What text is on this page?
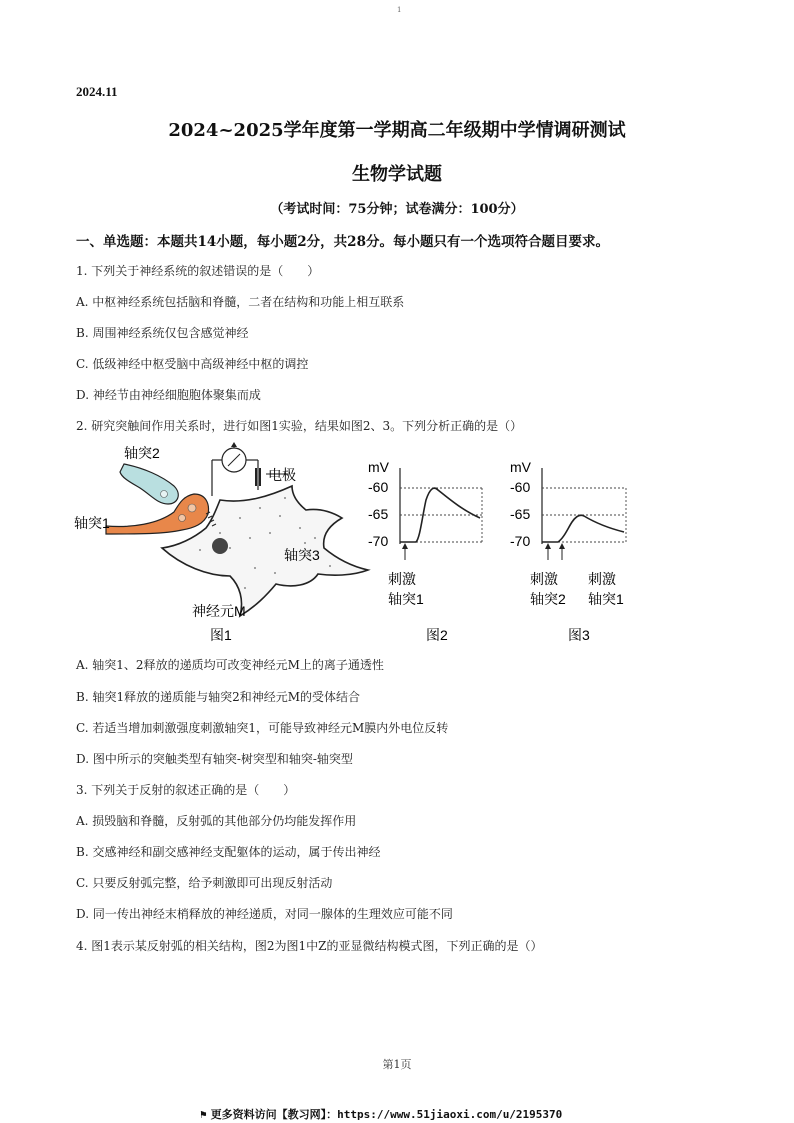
1
2024.11
2024~2025学年度第一学期高二年级期中学情调研测试
生物学试题
（考试时间：75分钟；试卷满分：100分）
一、单选题：本题共14小题，每小题2分，共28分。每小题只有一个选项符合题目要求。
1. 下列关于神经系统的叙述错误的是（　　）
A. 中枢神经系统包括脑和脊髓，二者在结构和功能上相互联系
B. 周围神经系统仅包含感觉神经
C. 低级神经中枢受脑中高级神经中枢的调控
D. 神经节由神经细胞胞体聚集而成
2. 研究突触间作用关系时，进行如图1实验，结果如图2、3。下列分析正确的是（）
轴突2
轴突1
电极
轴突3
神经元M
图1
mV
-60
-65
-70
刺激
轴突1
图2
mV
-60
-65
-70
刺激
轴突2
刺激
轴突1
图3
A. 轴突1、2释放的递质均可改变神经元M上的离子通透性
B. 轴突1释放的递质能与轴突2和神经元M的受体结合
C. 若适当增加刺激强度刺激轴突1，可能导致神经元M膜内外电位反转
D. 图中所示的突触类型有轴突-树突型和轴突-轴突型
3. 下列关于反射的叙述正确的是（　　）
A. 损毁脑和脊髓，反射弧的其他部分仍均能发挥作用
B. 交感神经和副交感神经支配躯体的运动，属于传出神经
C. 只要反射弧完整，给予刺激即可出现反射活动
D. 同一传出神经末梢释放的神经递质，对同一腺体的生理效应可能不同
4. 图1表示某反射弧的相关结构，图2为图1中Z的亚显微结构模式图，下列正确的是（）
第1页
⚑ 更多资料访问【教习网】：https://www.51jiaoxi.com/u/2195370
